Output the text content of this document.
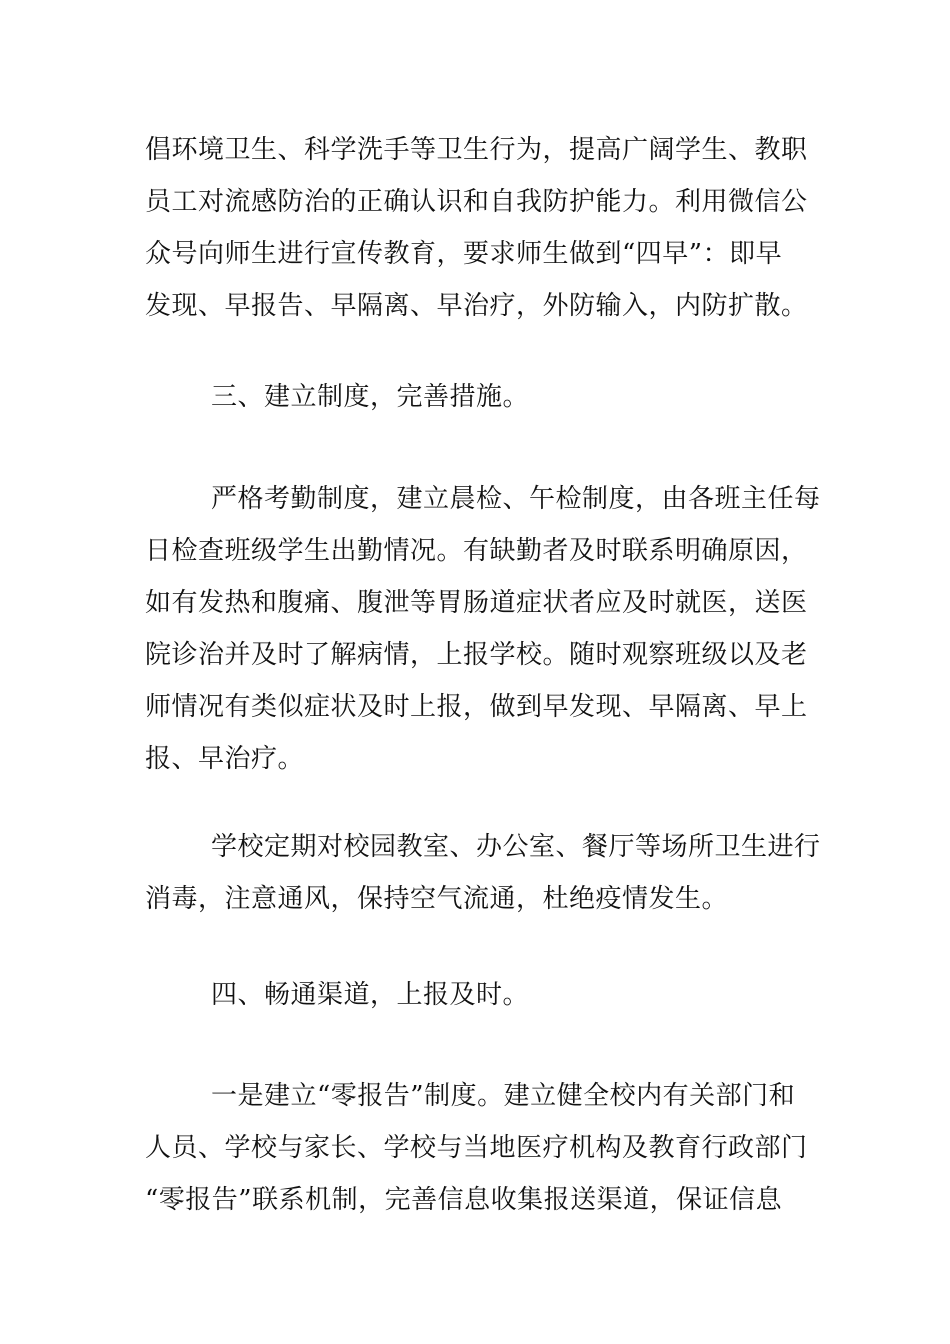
倡环境卫生、科学洗手等卫生行为，提高广阔学生、教职
员工对流感防治的正确认识和自我防护能力。利用微信公
众号向师生进行宣传教育，要求师生做到“四早”：即早
发现、早报告、早隔离、早治疗，外防输入，内防扩散。
三、建立制度，完善措施。
严格考勤制度，建立晨检、午检制度，由各班主任每
日检查班级学生出勤情况。有缺勤者及时联系明确原因，
如有发热和腹痛、腹泄等胃肠道症状者应及时就医，送医
院诊治并及时了解病情，上报学校。随时观察班级以及老
师情况有类似症状及时上报，做到早发现、早隔离、早上
报、早治疗。
学校定期对校园教室、办公室、餐厅等场所卫生进行
消毒，注意通风，保持空气流通，杜绝疫情发生。
四、畅通渠道，上报及时。
一是建立“零报告”制度。建立健全校内有关部门和
人员、学校与家长、学校与当地医疗机构及教育行政部门
“零报告”联系机制，完善信息收集报送渠道，保证信息
